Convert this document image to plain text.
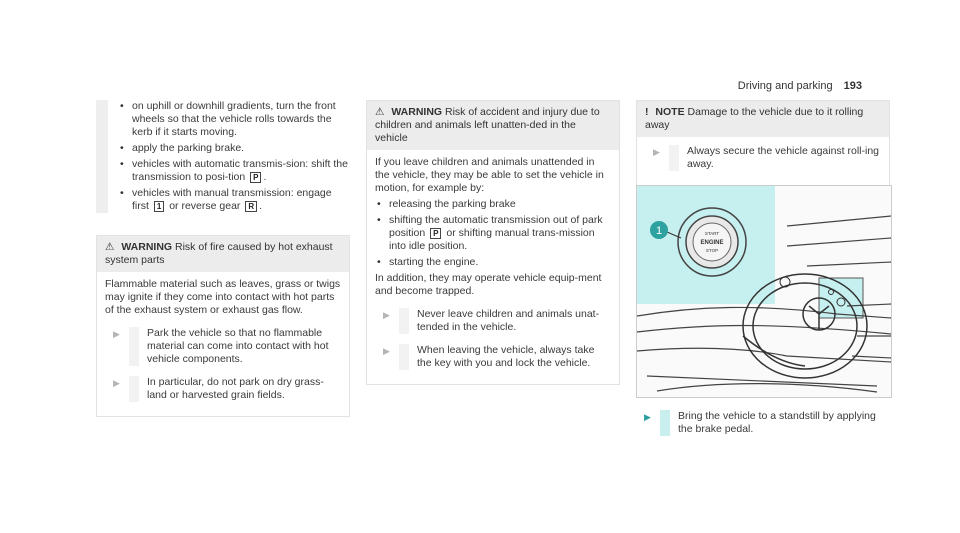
Driving and parking 193
• on uphill or downhill gradients, turn the front wheels so that the vehicle rolls towards the kerb if it starts moving.
• apply the parking brake.
• vehicles with automatic transmis-sion: shift the transmission to posi-tion P .
• vehicles with manual transmission: engage first 1 or reverse gear R .
⚠ WARNING Risk of fire caused by hot exhaust system parts
Flammable material such as leaves, grass or twigs may ignite if they come into contact with hot parts of the exhaust system or exhaust gas flow.
▶	Park the vehicle so that no flammable material can come into contact with hot vehicle components.
▶	In particular, do not park on dry grass-land or harvested grain fields.
⚠ WARNING Risk of accident and injury due to children and animals left unatten-ded in the vehicle
If you leave children and animals unattended in the vehicle, they may be able to set the vehicle in motion, for example by:
• releasing the parking brake
• shifting the automatic transmission out of park position P or shifting manual trans-mission into idle position.
• starting the engine.
In addition, they may operate vehicle equip-ment and become trapped.
▶	Never leave children and animals unat-tended in the vehicle.
▶	When leaving the vehicle, always take the key with you and lock the vehicle.
! NOTE Damage to the vehicle due to it rolling away
▶	Always secure the vehicle against roll-ing away.
START
ENGINE
STOP
1
▶	Bring the vehicle to a standstill by applying the brake pedal.
